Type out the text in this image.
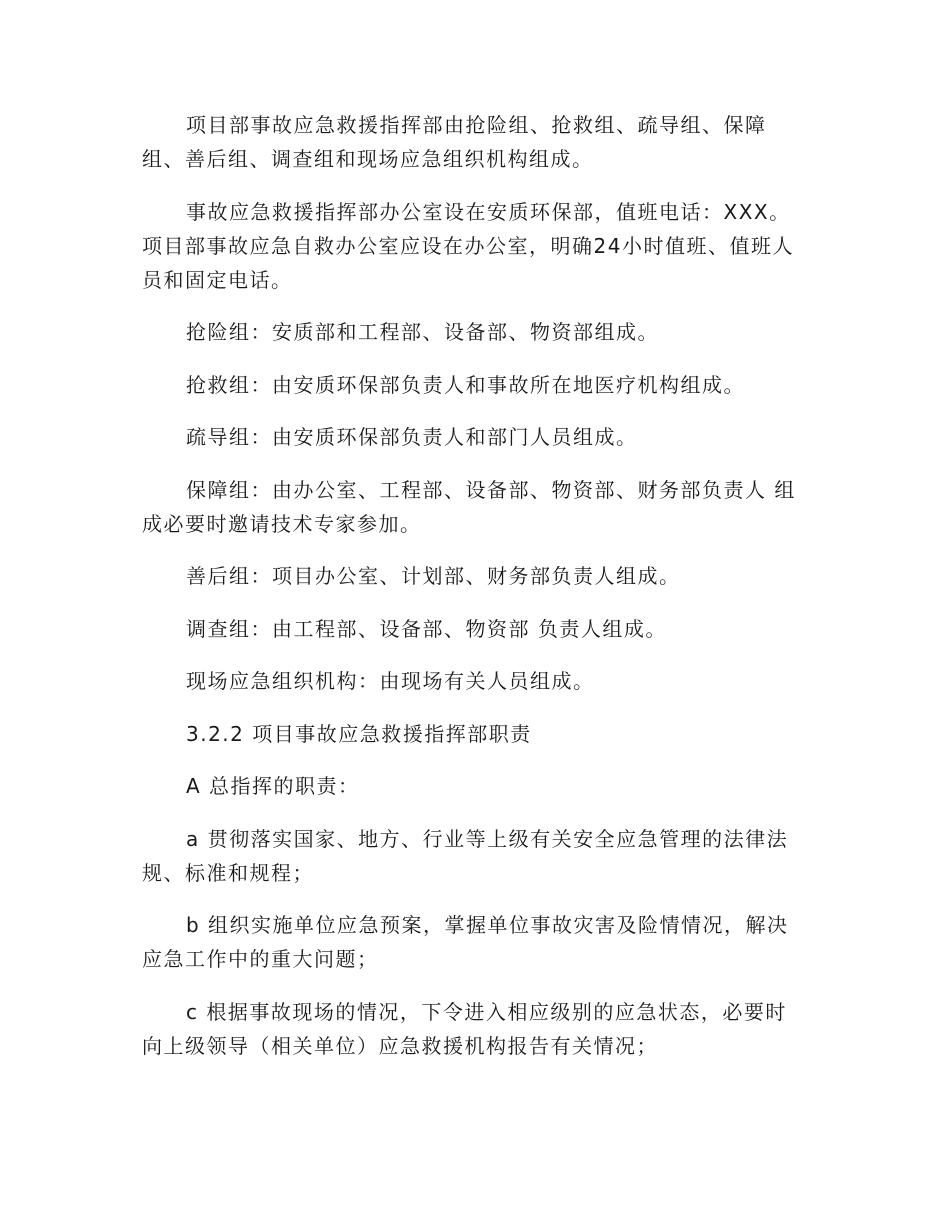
项目部事故应急救援指挥部由抢险组、抢救组、疏导组、保障组、善后组、调查组和现场应急组织机构组成。

事故应急救援指挥部办公室设在安质环保部，值班电话：XXX。项目部事故应急自救办公室应设在办公室，明确24小时值班、值班人员和固定电话。

抢险组：安质部和工程部、设备部、物资部组成。

抢救组：由安质环保部负责人和事故所在地医疗机构组成。

疏导组：由安质环保部负责人和部门人员组成。

保障组：由办公室、工程部、设备部、物资部、财务部负责人 组成必要时邀请技术专家参加。

善后组：项目办公室、计划部、财务部负责人组成。

调查组：由工程部、设备部、物资部 负责人组成。

现场应急组织机构：由现场有关人员组成。

3.2.2 项目事故应急救援指挥部职责

A 总指挥的职责：

a 贯彻落实国家、地方、行业等上级有关安全应急管理的法律法规、标准和规程；

b 组织实施单位应急预案，掌握单位事故灾害及险情情况，解决应急工作中的重大问题；

c 根据事故现场的情况，下令进入相应级别的应急状态，必要时向上级领导（相关单位）应急救援机构报告有关情况；
